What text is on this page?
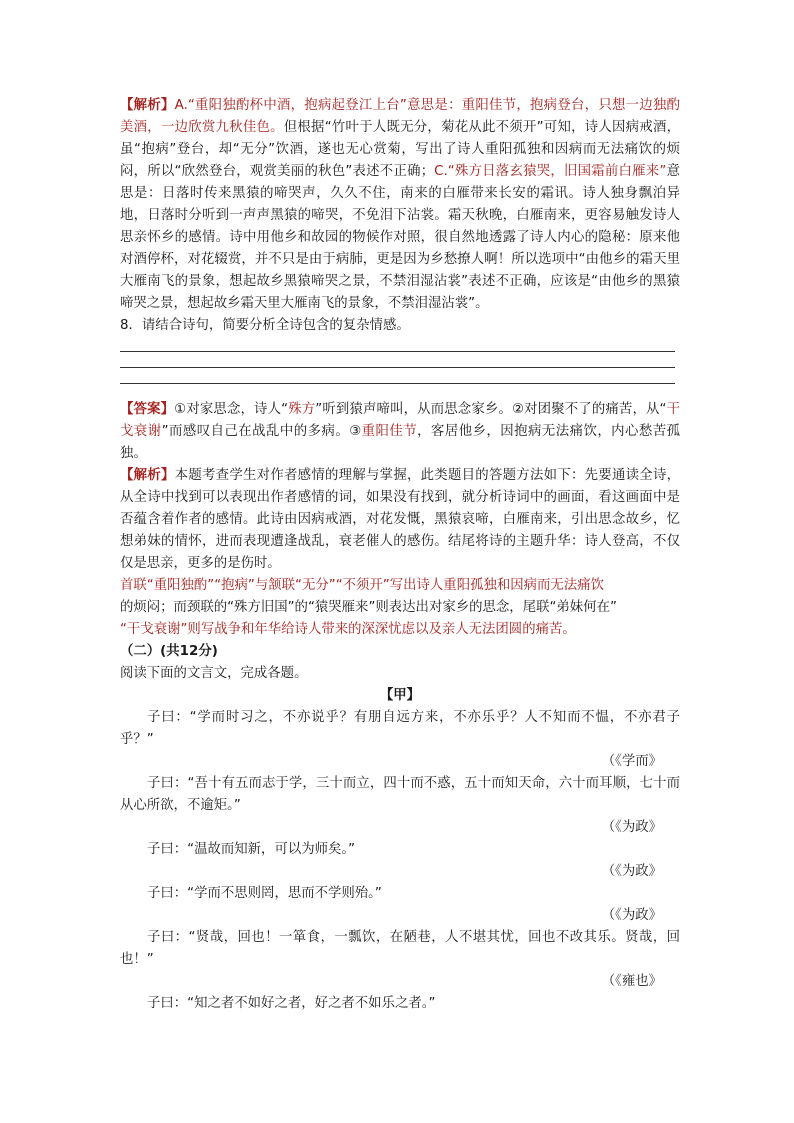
【解析】A.“重阳独酌杯中酒，抱病起登江上台”意思是：重阳佳节，抱病登台，只想一边独酌美酒，一边欣赏九秋佳色。但根据“竹叶于人既无分，菊花从此不须开”可知，诗人因病戒酒，虽“抱病”登台，却“无分”饮酒，遂也无心赏菊，写出了诗人重阳孤独和因病而无法痛饮的烦闷，所以“欣然登台，观赏美丽的秋色”表述不正确；C.“殊方日落玄猿哭，旧国霜前白雁来”意思是：日落时传来黑猿的啼哭声，久久不住，南来的白雁带来长安的霜讯。诗人独身飘泊异地，日落时分听到一声声黑猿的啼哭，不免泪下沾裳。霜天秋晚，白雁南来，更容易触发诗人思亲怀乡的感情。诗中用他乡和故园的物候作对照，很自然地透露了诗人内心的隐秘：原来他对酒停杯，对花辍赏，并不只是由于病肺，更是因为乡愁撩人啊！所以选项中“由他乡的霜天里大雁南飞的景象，想起故乡黑猿啼哭之景，不禁泪湿沾裳”表述不正确，应该是“由他乡的黑猿啼哭之景，想起故乡霜天里大雁南飞的景象，不禁泪湿沾裳”。

8．请结合诗句，简要分析全诗包含的复杂情感。

【答案】①对家思念，诗人“殊方”听到猿声啼叫，从而思念家乡。②对团聚不了的痛苦，从“干戈衰谢”而感叹自己在战乱中的多病。③重阳佳节，客居他乡，因抱病无法痛饮，内心愁苦孤独。

【解析】本题考查学生对作者感情的理解与掌握，此类题目的答题方法如下：先要通读全诗，从全诗中找到可以表现出作者感情的词，如果没有找到，就分析诗词中的画面，看这画面中是否蕴含着作者的感情。此诗由因病戒酒，对花发慨，黑猿哀啼，白雁南来，引出思念故乡，忆想弟妹的情怀，进而表现遭逢战乱，衰老催人的感伤。结尾将诗的主题升华：诗人登高，不仅仅是思亲，更多的是伤时。

首联“重阳独酌”“抱病”与颔联“无分”“不须开”写出诗人重阳孤独和因病而无法痛饮

的烦闷；而颈联的“殊方旧国”的“猿哭雁来”则表达出对家乡的思念，尾联“弟妹何在”

“干戈衰谢”则写战争和年华给诗人带来的深深忧虑以及亲人无法团圆的痛苦。

（二）(共12分)

阅读下面的文言文，完成各题。

【甲】

子曰：“学而时习之，不亦说乎？有朋自远方来，不亦乐乎？人不知而不愠，不亦君子乎？”

（《学而》

子曰：“吾十有五而志于学，三十而立，四十而不惑，五十而知天命，六十而耳顺，七十而从心所欲，不逾矩。”

（《为政》

子曰：“温故而知新，可以为师矣。”

（《为政》

子曰：“学而不思则罔，思而不学则殆。”

（《为政》

子曰：“贤哉，回也！一箪食，一瓢饮，在陋巷，人不堪其忧，回也不改其乐。贤哉，回也！”

（《雍也》

子曰：“知之者不如好之者，好之者不如乐之者。”
